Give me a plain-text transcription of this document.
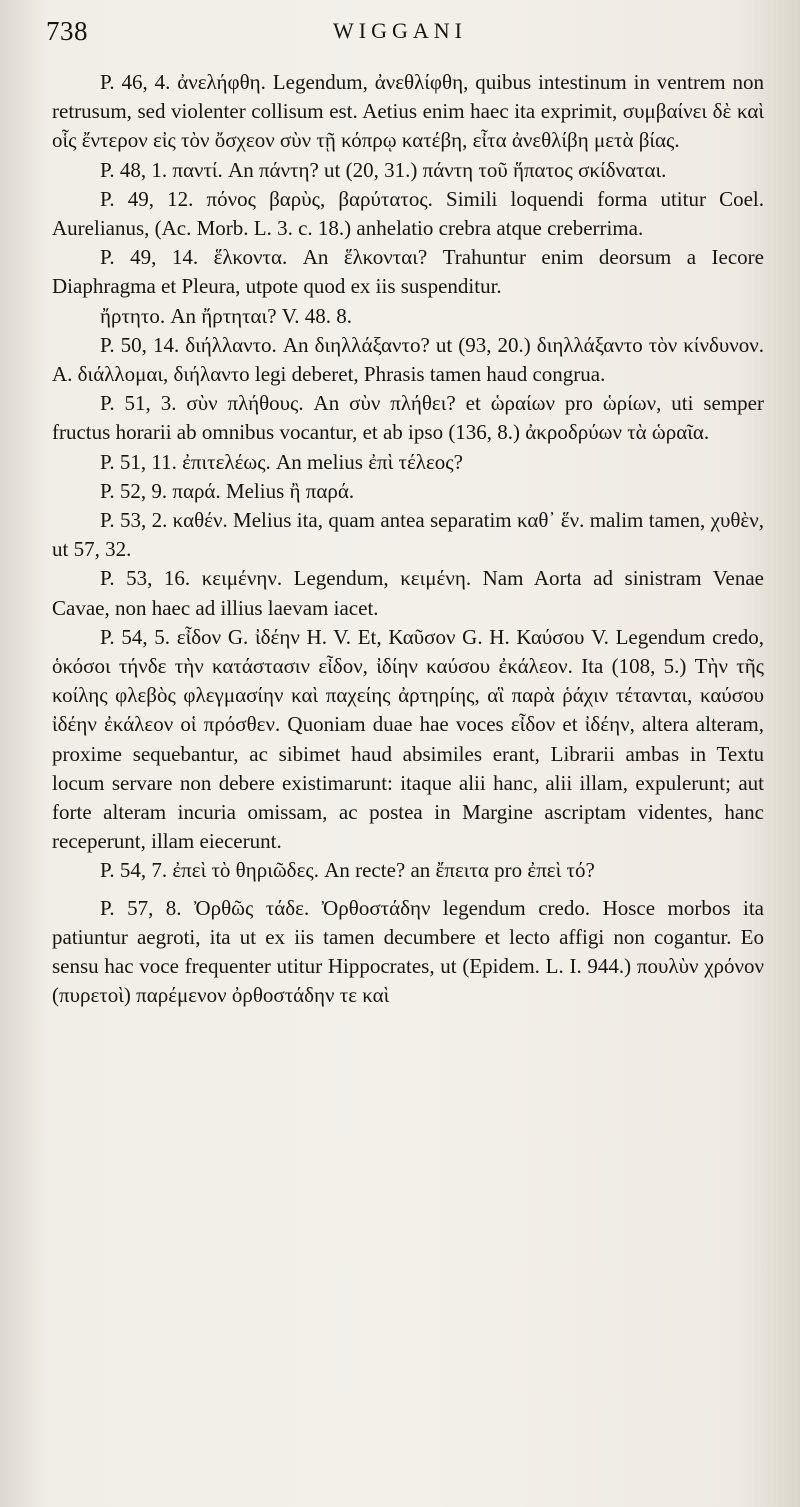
738	WIGGANI

P. 46, 4. ἀνελήφθη. Legendum, ἀνεθλίφθη, quibus intestinum in ventrem non retrusum, sed violenter collisum est. Aetius enim haec ita exprimit, συμβαίνει δὲ καὶ οἷς ἔντερον εἰς τὸν ὄσχεον σὺν τῇ κόπρῳ κατέβη, εἶτα ἀνεθλίβη μετὰ βίας.

P. 48, 1. παντί. An πάντη? ut (20, 31.) πάντη τοῦ ἥπατος σκίδναται.

P. 49, 12. πόνος βαρὺς, βαρύτατος. Simili loquendi forma utitur Coel. Aurelianus, (Ac. Morb. L. 3. c. 18.) anhelatio crebra atque creberrima.

P. 49, 14. ἕλκοντα. An ἕλκονται? Trahuntur enim deorsum a Iecore Diaphragma et Pleura, utpote quod ex iis suspenditur.

ἤρτητο. An ἤρτηται? V. 48. 8.

P. 50, 14. διήλλαντο. An διηλλάξαντο? ut (93, 20.) διηλλάξαντο τὸν κίνδυνον. A. διάλλομαι, διήλαντο legi deberet, Phrasis tamen haud congrua.

P. 51, 3. σὺν πλήθους. An σὺν πλήθει? et ὡραίων pro ὡρίων, uti semper fructus horarii ab omnibus vocantur, et ab ipso (136, 8.) ἀκροδρύων τὰ ὡραῖα.

P. 51, 11. ἐπιτελέως. An melius ἐπὶ τέλεος?

P. 52, 9. παρά. Melius ἢ παρά.

P. 53, 2. καθέν. Melius ita, quam antea separatim καθ᾽ ἕν. malim tamen, χυθὲν, ut 57, 32.

P. 53, 16. κειμένην. Legendum, κειμένη. Nam Aorta ad sinistram Venae Cavae, non haec ad illius laevam iacet.

P. 54, 5. εἶδον G. ἰδέην H. V. Et, Καῦσον G. H. Καύσου V. Legendum credo, ὁκόσοι τήνδε τὴν κατάστασιν εἶδον, ἰδίην καύσου ἐκάλεον. Ita (108, 5.) Τὴν τῆς κοίλης φλεβὸς φλεγμασίην καὶ παχείης ἀρτηρίης, αἳ παρὰ ῥάχιν τέτανται, καύσου ἰδέην ἐκάλεον οἱ πρόσθεν. Quoniam duae hae voces εἶδον et ἰδέην, altera alteram, proxime sequebantur, ac sibimet haud absimiles erant, Librarii ambas in Textu locum servare non debere existimarunt: itaque alii hanc, alii illam, expulerunt; aut forte alteram incuria omissam, ac postea in Margine ascriptam videntes, hanc receperunt, illam eiecerunt.

P. 54, 7. ἐπεὶ τὸ θηριῶδες. An recte? an ἔπειτα pro ἐπεὶ τό?

P. 57, 8. Ὀρθῶς τάδε. Ὀρθοστάδην legendum credo. Hosce morbos ita patiuntur aegroti, ita ut ex iis tamen decumbere et lecto affigi non cogantur. Eo sensu hac voce frequenter utitur Hippocrates, ut (Epidem. L. I. 944.) πουλὺν χρόνον (πυρετοὶ) παρέμενον ὀρθοστάδην τε καὶ
